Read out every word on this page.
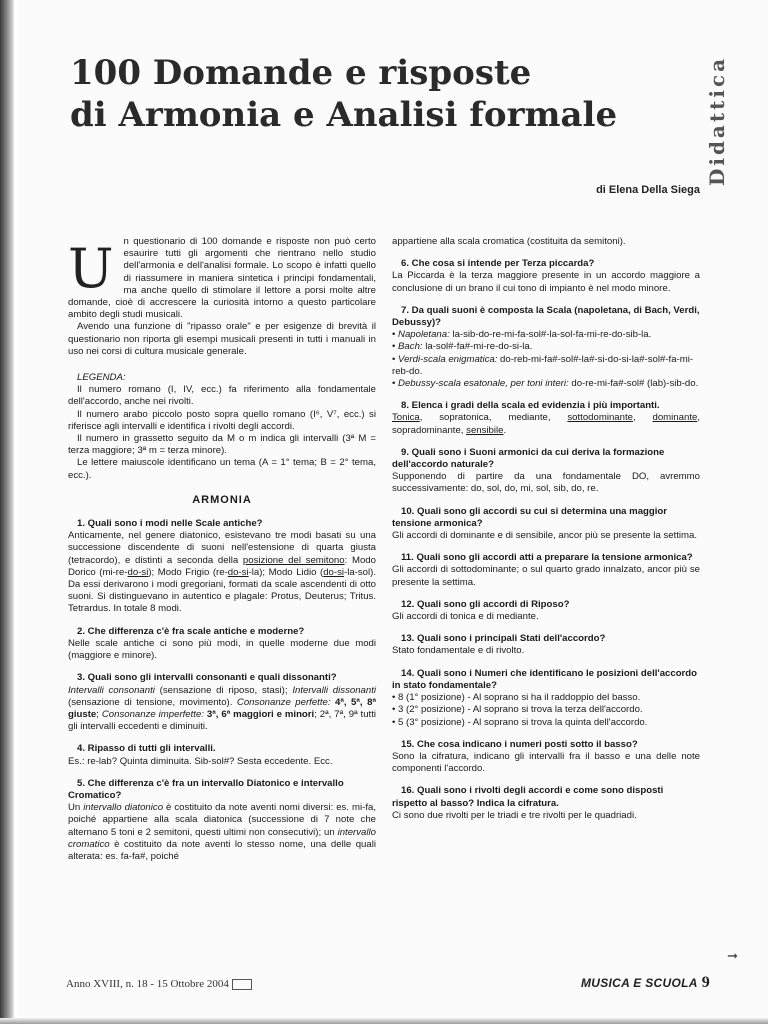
100 Domande e risposte
di Armonia e Analisi formale	Didattica
di Elena Della Siega
U n questionario di 100 domande e risposte non può certo esaurire tutti gli argomenti che rientrano nello studio dell'armonia e dell'analisi formale. Lo scopo è infatti quello di riassumere in maniera sintetica i principi fondamentali, ma anche quello di stimolare il lettore a porsi molte altre domande, cioè di accrescere la curiosità intorno a questo particolare ambito degli studi musicali.
Avendo una funzione di "ripasso orale" e per esigenze di brevità il questionario non riporta gli esempi musicali presenti in tutti i manuali in uso nei corsi di cultura musicale generale.
LEGENDA:
Il numero romano (I, IV, ecc.) fa riferimento alla fondamentale dell'accordo, anche nei rivolti.
Il numero arabo piccolo posto sopra quello romano (I⁶, V⁷, ecc.) si riferisce agli intervalli e identifica i rivolti degli accordi.
Il numero in grassetto seguito da M o m indica gli intervalli (3ª M = terza maggiore; 3ª m = terza minore).
Le lettere maiuscole identificano un tema (A = 1° tema; B = 2° tema, ecc.).
ARMONIA
1. Quali sono i modi nelle Scale antiche?
Anticamente, nel genere diatonico, esistevano tre modi basati su una successione discendente di suoni nell'estensione di quarta giusta (tetracordo), e distinti a seconda della posizione del semitono: Modo Dorico (mi-re-do-si); Modo Frigio (re-do-si-la); Modo Lidio (do-si-la-sol). Da essi derivarono i modi gregoriani, formati da scale ascendenti di otto suoni. Si distinguevano in autentico e plagale: Protus, Deuterus; Tritus. Tetrardus. In totale 8 modi.
2. Che differenza c'è fra scale antiche e moderne?
Nelle scale antiche ci sono più modi, in quelle moderne due modi (maggiore e minore).
3. Quali sono gli intervalli consonanti e quali dissonanti?
Intervalli consonanti (sensazione di riposo, stasi); Intervalli dissonanti (sensazione di tensione, movimento). Consonanze perfette: 4ª, 5ª, 8ª giuste; Consonanze imperfette: 3ª, 6ª maggiori e minori; 2ª, 7ª, 9ª tutti gli intervalli eccedenti e diminuiti.
4. Ripasso di tutti gli intervalli.
Es.: re-lab? Quinta diminuita. Sib-sol#? Sesta eccedente. Ecc.
5. Che differenza c'è fra un intervallo Diatonico e intervallo Cromatico?
Un intervallo diatonico è costituito da note aventi nomi diversi: es. mi-fa, poiché appartiene alla scala diatonica (successione di 7 note che alternano 5 toni e 2 semitoni, questi ultimi non consecutivi); un intervallo cromatico è costituito da note aventi lo stesso nome, una delle quali alterata: es. fa-fa#, poiché
appartiene alla scala cromatica (costituita da semitoni).
6. Che cosa si intende per Terza piccarda?
La Piccarda è la terza maggiore presente in un accordo maggiore a conclusione di un brano il cui tono di impianto è nel modo minore.
7. Da quali suoni è composta la Scala (napoletana, di Bach, Verdi, Debussy)?
• Napoletana: la-sib-do-re-mi-fa-sol#-la-sol-fa-mi-re-do-sib-la.
• Bach: la-sol#-fa#-mi-re-do-si-la.
• Verdi-scala enigmatica: do-reb-mi-fa#-sol#-la#-si-do-si-la#-sol#-fa-mi-reb-do.
• Debussy-scala esatonale, per toni interi: do-re-mi-fa#-sol# (lab)-sib-do.
8. Elenca i gradi della scala ed evidenzia i più importanti.
Tonica, sopratonica, mediante, sottodominante, dominante, sopradominante, sensibile.
9. Quali sono i Suoni armonici da cui deriva la formazione dell'accordo naturale?
Supponendo di partire da una fondamentale DO, avremmo successivamente: do, sol, do, mi, sol, sib, do, re.
10. Quali sono gli accordi su cui si determina una maggior tensione armonica?
Gli accordi di dominante e di sensibile, ancor più se presente la settima.
11. Quali sono gli accordi atti a preparare la tensione armonica?
Gli accordi di sottodominante; o sul quarto grado innalzato, ancor più se presente la settima.
12. Quali sono gli accordi di Riposo?
Gli accordi di tonica e di mediante.
13. Quali sono i principali Stati dell'accordo?
Stato fondamentale e di rivolto.
14. Quali sono i Numeri che identificano le posizioni dell'accordo in stato fondamentale?
• 8 (1° posizione) - Al soprano si ha il raddoppio del basso.
• 3 (2° posizione) - Al soprano si trova la terza dell'accordo.
• 5 (3° posizione) - Al soprano si trova la quinta dell'accordo.
15. Che cosa indicano i numeri posti sotto il basso?
Sono la cifratura, indicano gli intervalli fra il basso e una delle note componenti l'accordo.
16. Quali sono i rivolti degli accordi e come sono disposti rispetto al basso? Indica la cifratura.
Ci sono due rivolti per le triadi e tre rivolti per le quadriadi.
➞
Anno XVIII, n. 18 - 15 Ottobre 2004	MUSICA E SCUOLA 9
